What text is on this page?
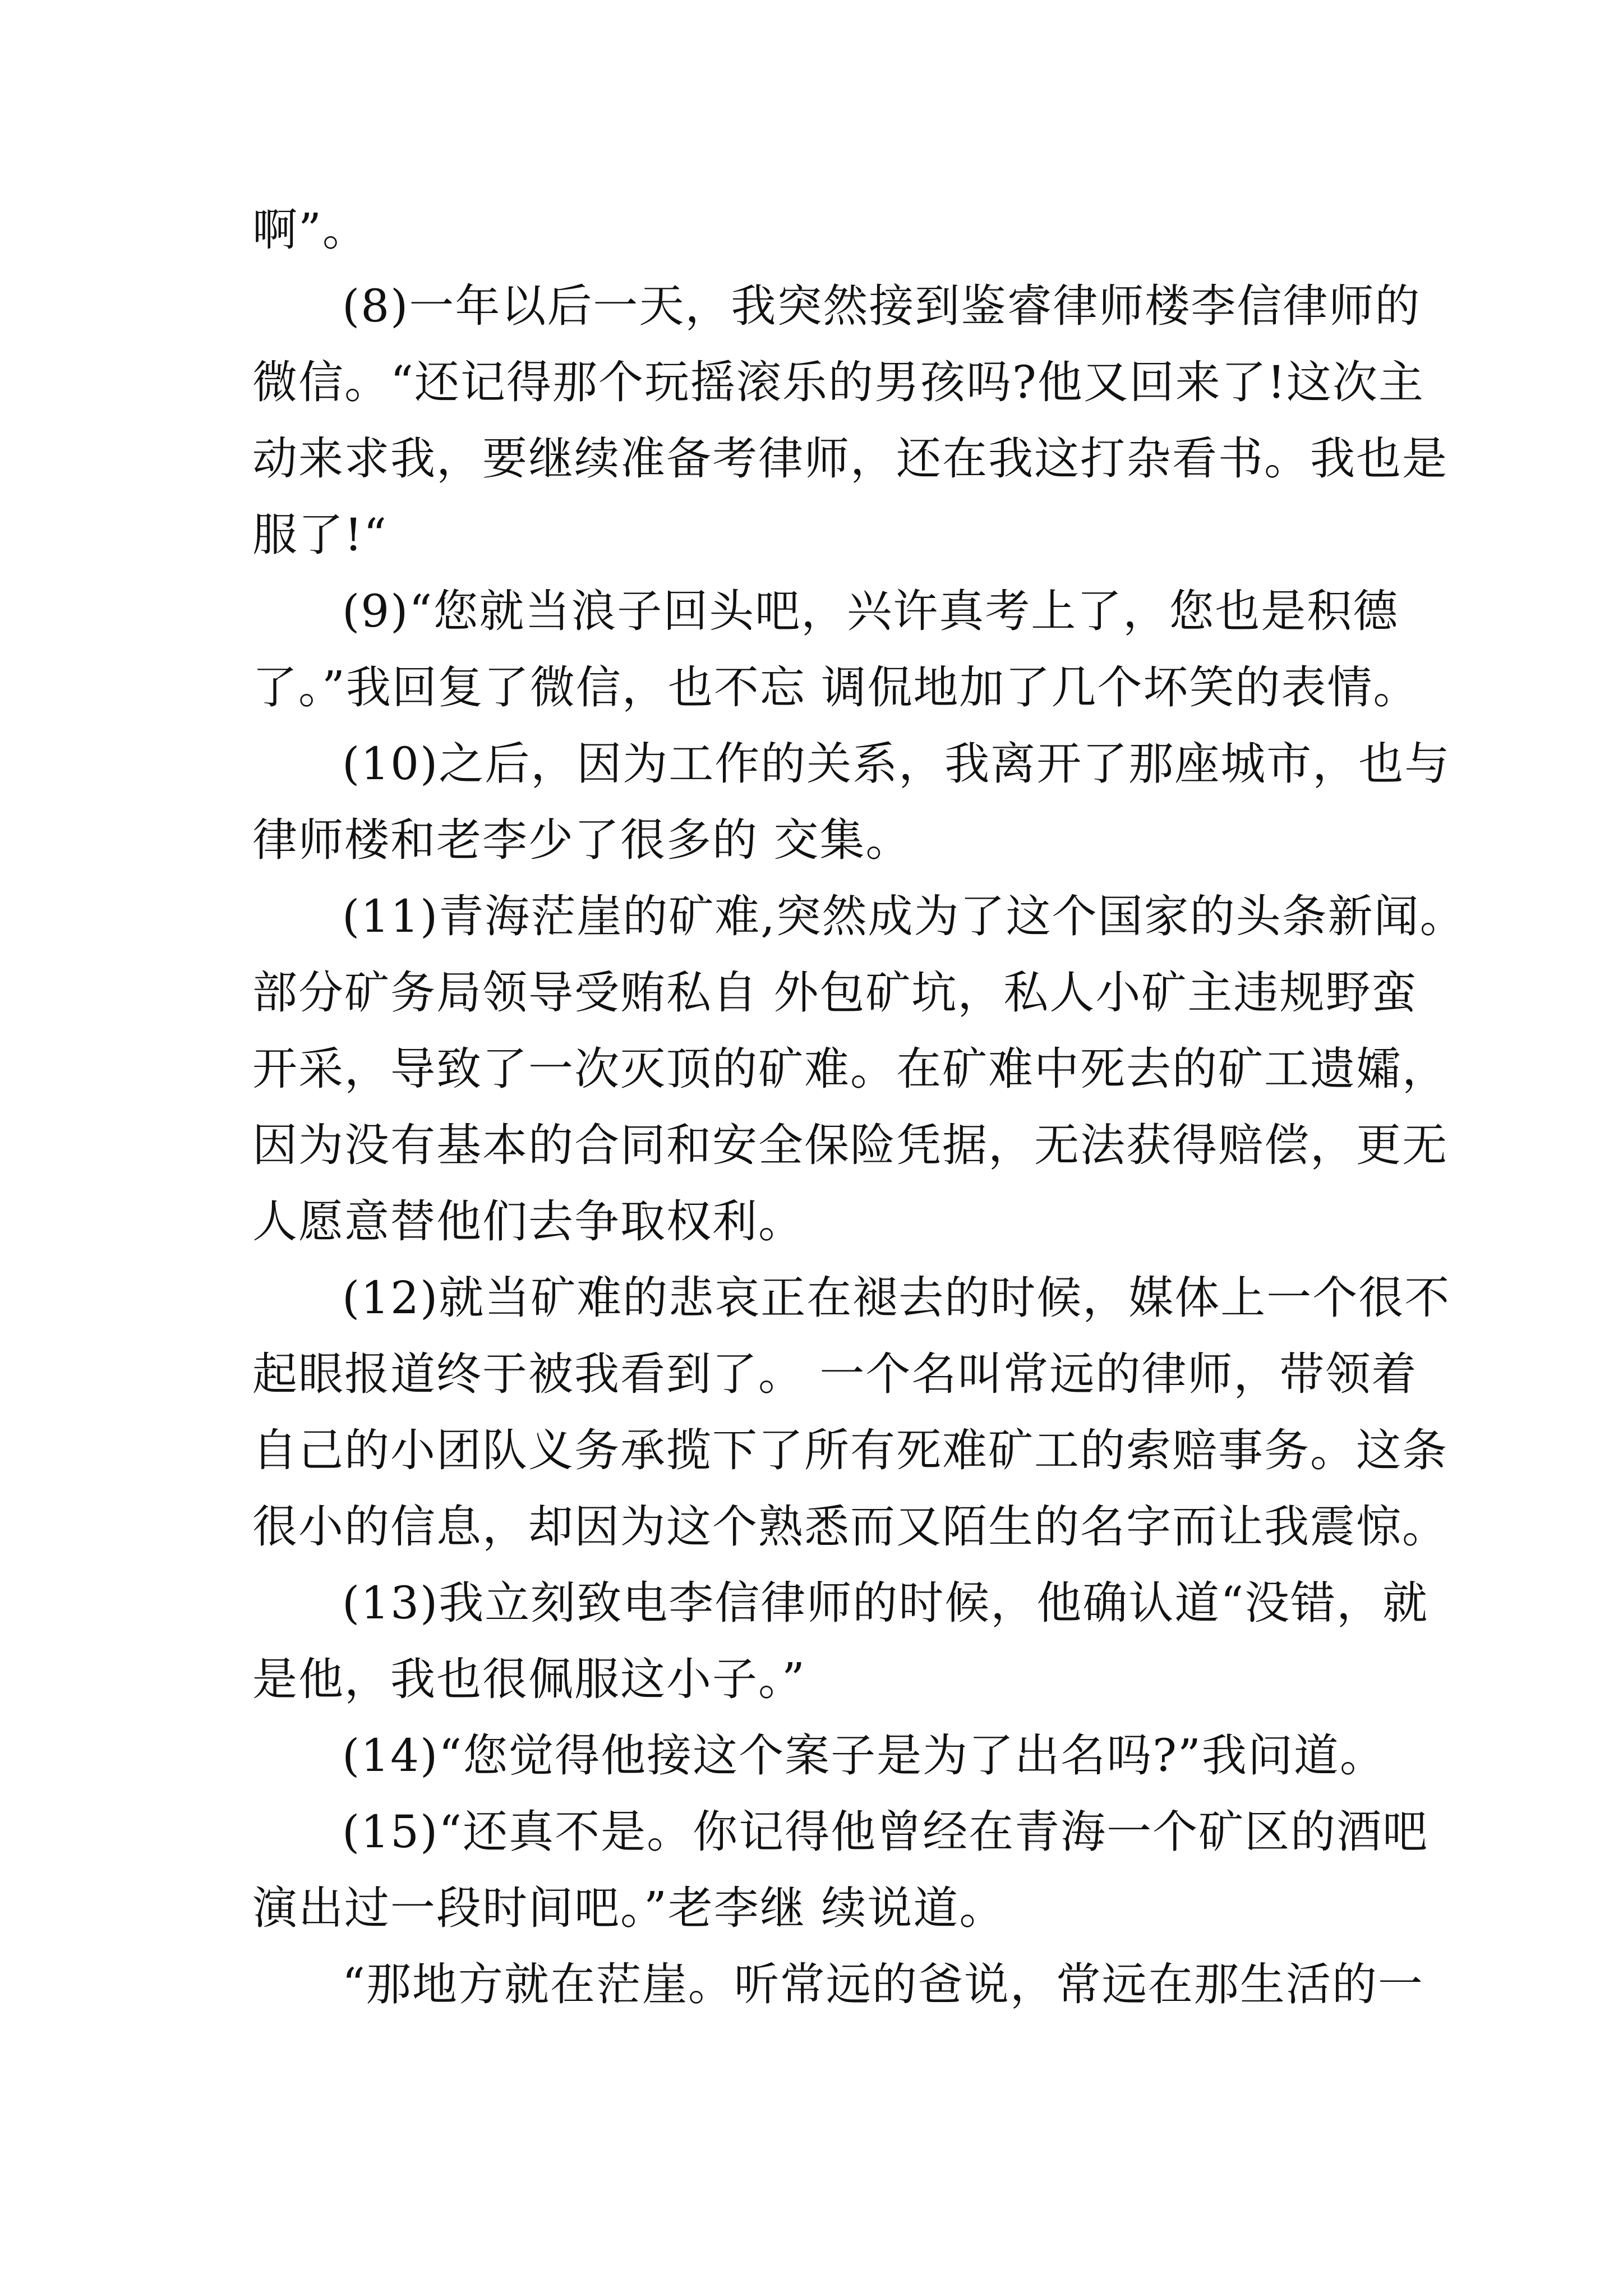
啊”。
(8)一年以后一天，我突然接到鉴睿律师楼李信律师的
微信。“还记得那个玩摇滚乐的男孩吗?他又回来了!这次主
动来求我，要继续准备考律师，还在我这打杂看书。我也是
服了!“
(9)“您就当浪子回头吧，兴许真考上了，您也是积德
了。”我回复了微信，也不忘 调侃地加了几个坏笑的表情。
(10)之后，因为工作的关系，我离开了那座城市，也与
律师楼和老李少了很多的 交集。
(11)青海茫崖的矿难,突然成为了这个国家的头条新闻。
部分矿务局领导受贿私自 外包矿坑，私人小矿主违规野蛮
开采，导致了一次灭顶的矿难。在矿难中死去的矿工遗孀，
因为没有基本的合同和安全保险凭据，无法获得赔偿，更无
人愿意替他们去争取权利。
(12)就当矿难的悲哀正在褪去的时候，媒体上一个很不
起眼报道终于被我看到了。 一个名叫常远的律师，带领着
自己的小团队义务承揽下了所有死难矿工的索赔事务。这条
很小的信息，却因为这个熟悉而又陌生的名字而让我震惊。
(13)我立刻致电李信律师的时候，他确认道“没错，就
是他，我也很佩服这小子。”
(14)“您觉得他接这个案子是为了出名吗?”我问道。
(15)“还真不是。你记得他曾经在青海一个矿区的酒吧
演出过一段时间吧。”老李继 续说道。
“那地方就在茫崖。听常远的爸说，常远在那生活的一
